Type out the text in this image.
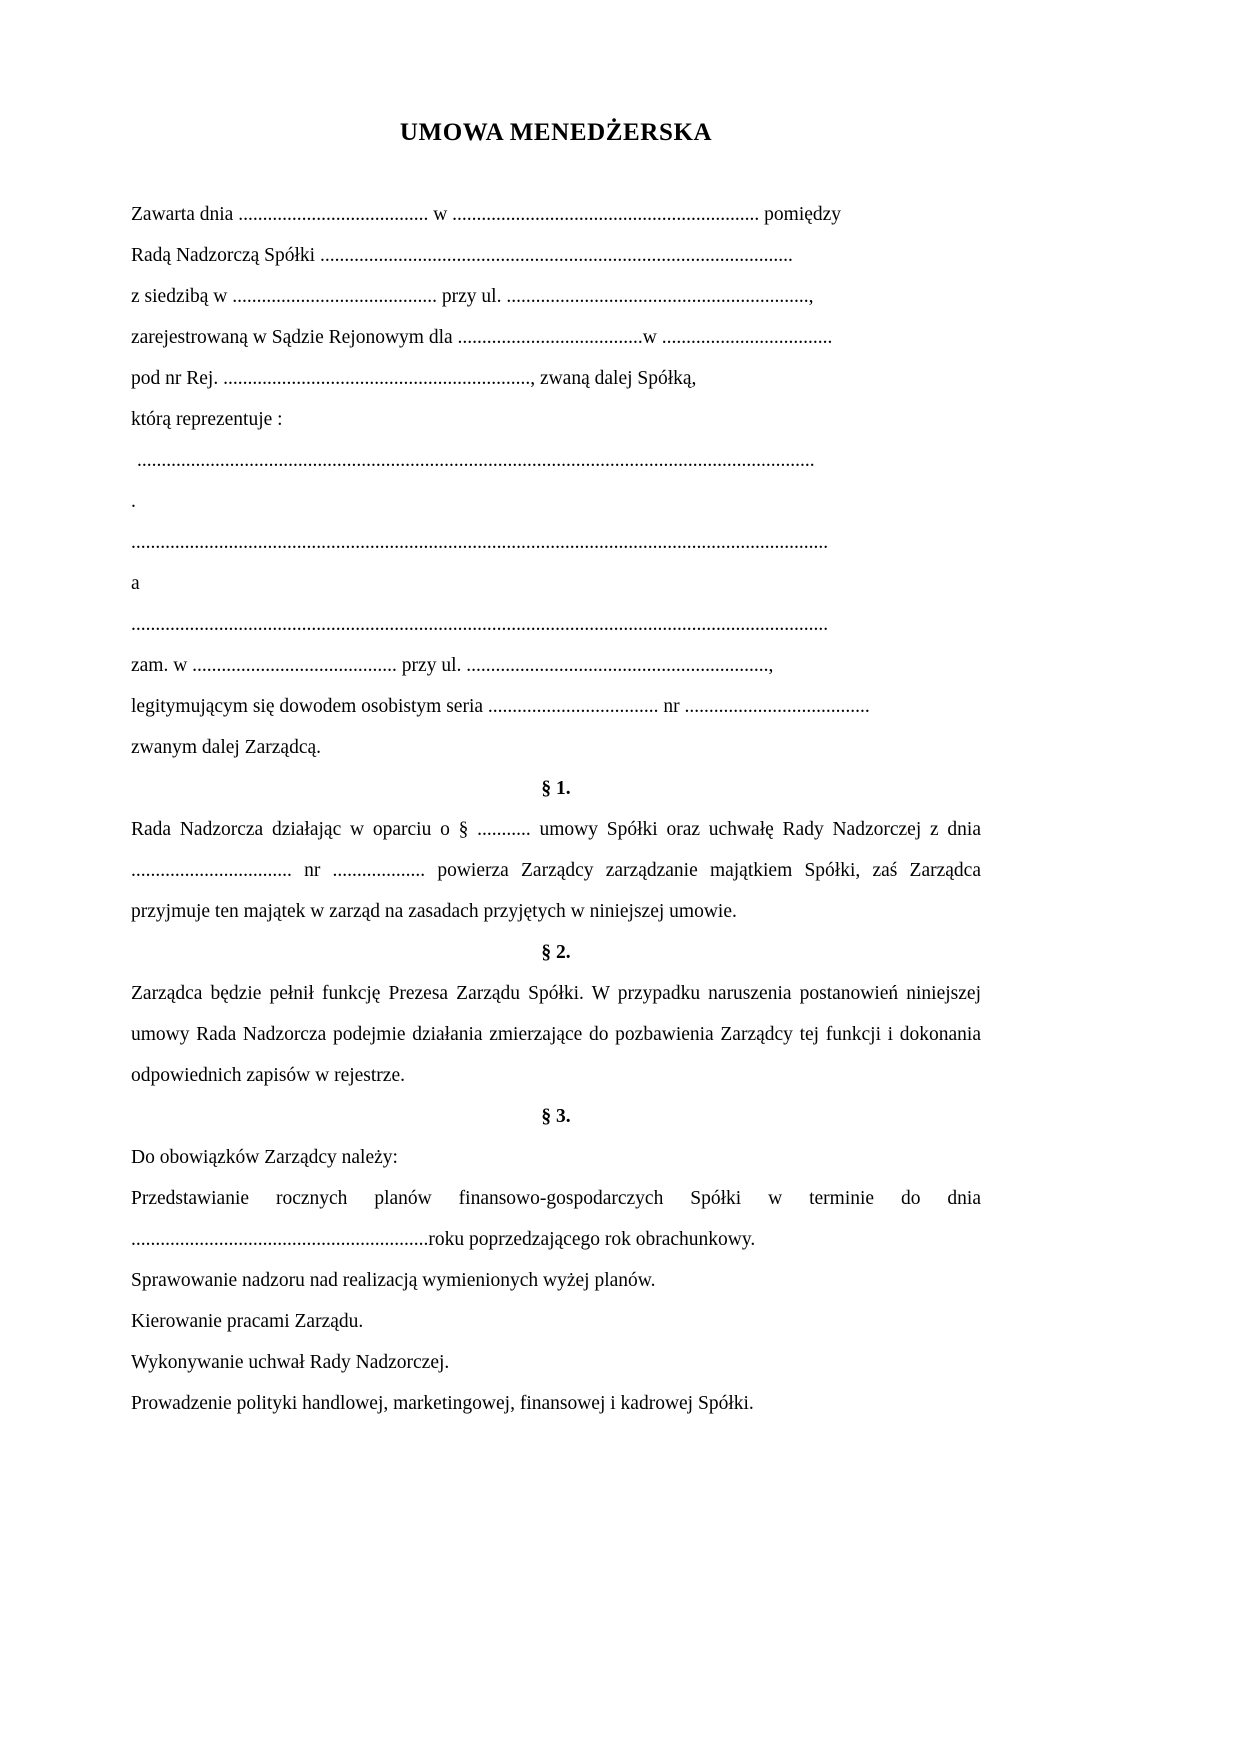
UMOWA MENEDŻERSKA

Zawarta dnia ....................................... w ............................................................... pomiędzy

Radą Nadzorczą Spółki .................................................................................................

z siedzibą w .......................................... przy ul. ..............................................................,

zarejestrowaną w Sądzie Rejonowym dla ......................................w ...................................

pod nr Rej. ..............................................................., zwaną dalej Spółką,

którą reprezentuje :

...........................................................................................................................................

.

...............................................................................................................................................

a

...............................................................................................................................................

zam. w .......................................... przy ul. ..............................................................,

legitymującym się dowodem osobistym seria ................................... nr ......................................

zwanym dalej Zarządcą.

§ 1.

Rada Nadzorcza działając w oparciu o § ........... umowy Spółki oraz uchwałę Rady Nadzorczej z dnia ................................. nr ................... powierza Zarządcy zarządzanie majątkiem Spółki, zaś Zarządca przyjmuje ten majątek w zarząd na zasadach przyjętych w niniejszej umowie.

§ 2.

Zarządca będzie pełnił funkcję Prezesa Zarządu Spółki. W przypadku naruszenia postanowień niniejszej umowy Rada Nadzorcza podejmie działania zmierzające do pozbawienia Zarządcy tej funkcji i dokonania odpowiednich zapisów w rejestrze.

§ 3.

Do obowiązków Zarządcy należy:

Przedstawianie rocznych planów finansowo-gospodarczych Spółki w terminie do dnia .............................................................roku poprzedzającego rok obrachunkowy.

Sprawowanie nadzoru nad realizacją wymienionych wyżej planów.

Kierowanie pracami Zarządu.

Wykonywanie uchwał Rady Nadzorczej.

Prowadzenie polityki handlowej, marketingowej, finansowej i kadrowej Spółki.
